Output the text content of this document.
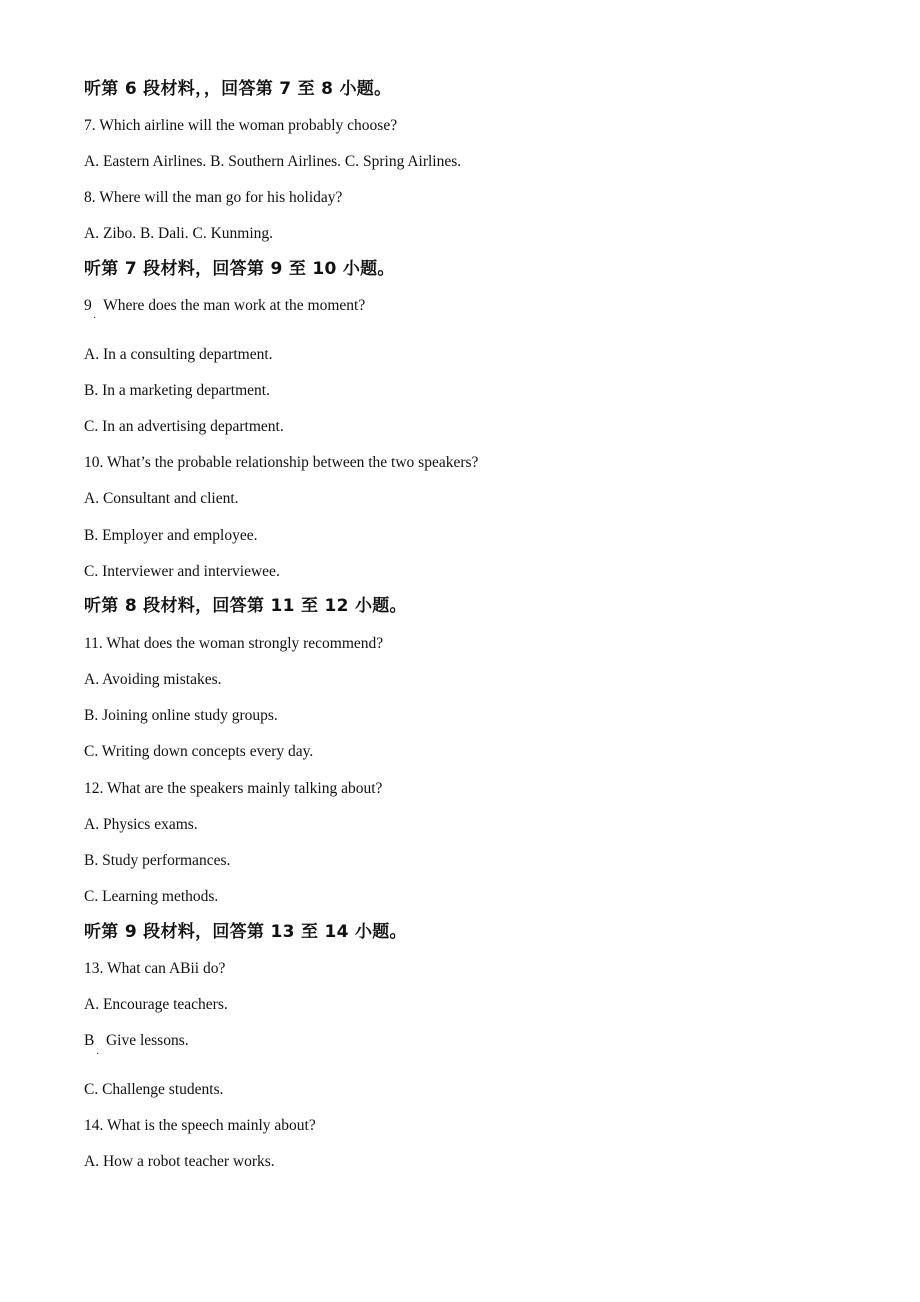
听第 6 段材料，，回答第 7 至 8 小题。
7. Which airline will the woman probably choose?
A. Eastern Airlines. B. Southern Airlines. C. Spring Airlines.
8. Where will the man go for his holiday?
A. Zibo. B. Dali. C. Kunming.
听第 7 段材料，回答第 9 至 10 小题。
9   Where does the man work at the moment?
·
A. In a consulting department.
B. In a marketing department.
C. In an advertising department.
10. What’s the probable relationship between the two speakers?
A. Consultant and client.
B. Employer and employee.
C. Interviewer and interviewee.
听第 8 段材料，回答第 11 至 12 小题。
11. What does the woman strongly recommend?
A. Avoiding mistakes.
B. Joining online study groups.
C. Writing down concepts every day.
12. What are the speakers mainly talking about?
A. Physics exams.
B. Study performances.
C. Learning methods.
听第 9 段材料，回答第 13 至 14 小题。
13. What can ABii do?
A. Encourage teachers.
B   Give lessons.
·
C. Challenge students.
14. What is the speech mainly about?
A. How a robot teacher works.
